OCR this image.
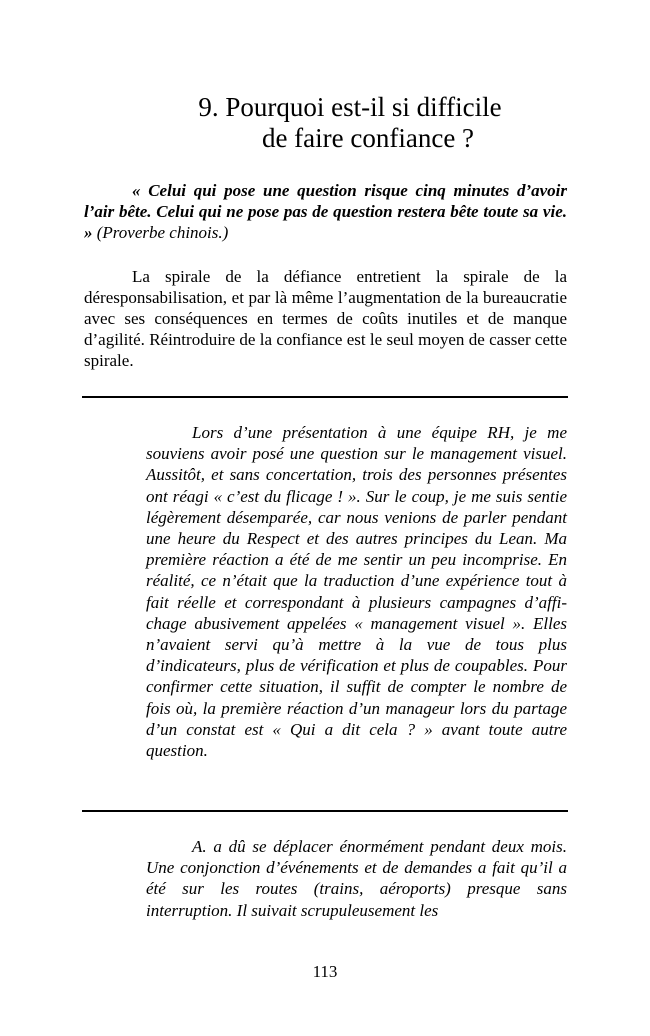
9. Pourquoi est-il si difficile
de faire confiance ?

« Celui qui pose une question risque cinq minutes d’avoir l’air bête. Celui qui ne pose pas de question restera bête toute sa vie. » (Proverbe chinois.)

La spirale de la défiance entretient la spirale de la déresponsabilisation, et par là même l’augmentation de la bureaucratie avec ses conséquences en termes de coûts inutiles et de manque d’agilité. Réintroduire de la confiance est le seul moyen de casser cette spirale.

Lors d’une présentation à une équipe RH, je me souviens avoir posé une question sur le management visuel. Aussitôt, et sans concertation, trois des personnes présentes ont réagi « c’est du flicage ! ». Sur le coup, je me suis sentie légèrement désemparée, car nous venions de parler pendant une heure du Respect et des autres principes du Lean. Ma première réaction a été de me sentir un peu incomprise. En réalité, ce n’était que la traduction d’une expérience tout à fait réelle et correspondant à plusieurs campagnes d’affi-chage abusivement appelées « management visuel ». Elles n’avaient servi qu’à mettre à la vue de tous plus d’indicateurs, plus de vérification et plus de coupables. Pour confirmer cette situation, il suffit de compter le nombre de fois où, la première réaction d’un manageur lors du partage d’un constat est « Qui a dit cela ? » avant toute autre question.

A. a dû se déplacer énormément pendant deux mois. Une conjonction d’événements et de demandes a fait qu’il a été sur les routes (trains, aéroports) presque sans interruption. Il suivait scrupuleusement les

113
